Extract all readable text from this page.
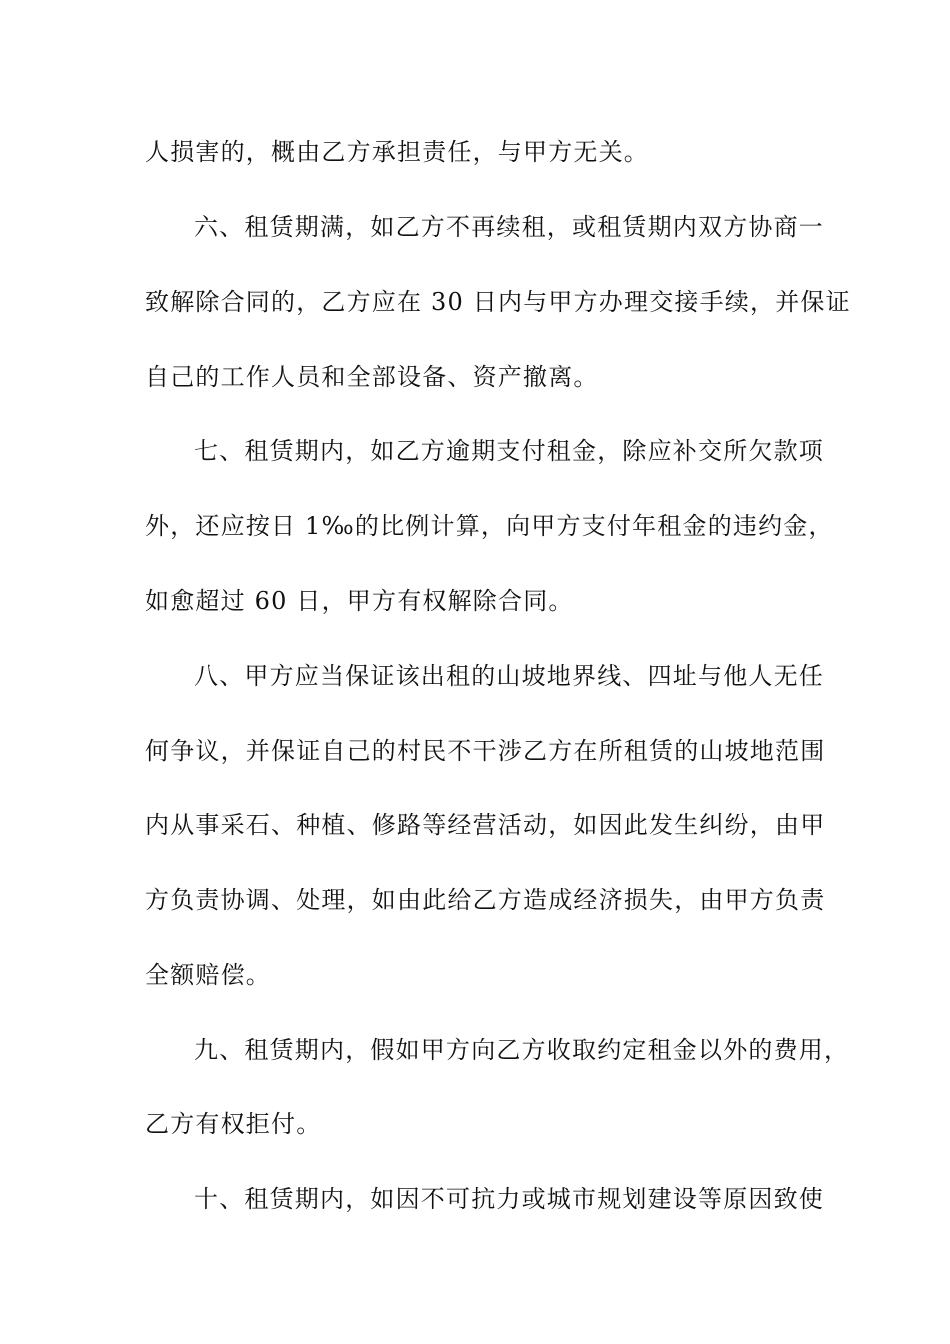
人损害的，概由乙方承担责任，与甲方无关。
六、租赁期满，如乙方不再续租，或租赁期内双方协商一
致解除合同的，乙方应在 30 日内与甲方办理交接手续，并保证
自己的工作人员和全部设备、资产撤离。
七、租赁期内，如乙方逾期支付租金，除应补交所欠款项
外，还应按日 1‰的比例计算，向甲方支付年租金的违约金，
如愈超过 60 日，甲方有权解除合同。
八、甲方应当保证该出租的山坡地界线、四址与他人无任
何争议，并保证自己的村民不干涉乙方在所租赁的山坡地范围
内从事采石、种植、修路等经营活动，如因此发生纠纷，由甲
方负责协调、处理，如由此给乙方造成经济损失，由甲方负责
全额赔偿。
九、租赁期内，假如甲方向乙方收取约定租金以外的费用，
乙方有权拒付。
十、租赁期内，如因不可抗力或城市规划建设等原因致使
